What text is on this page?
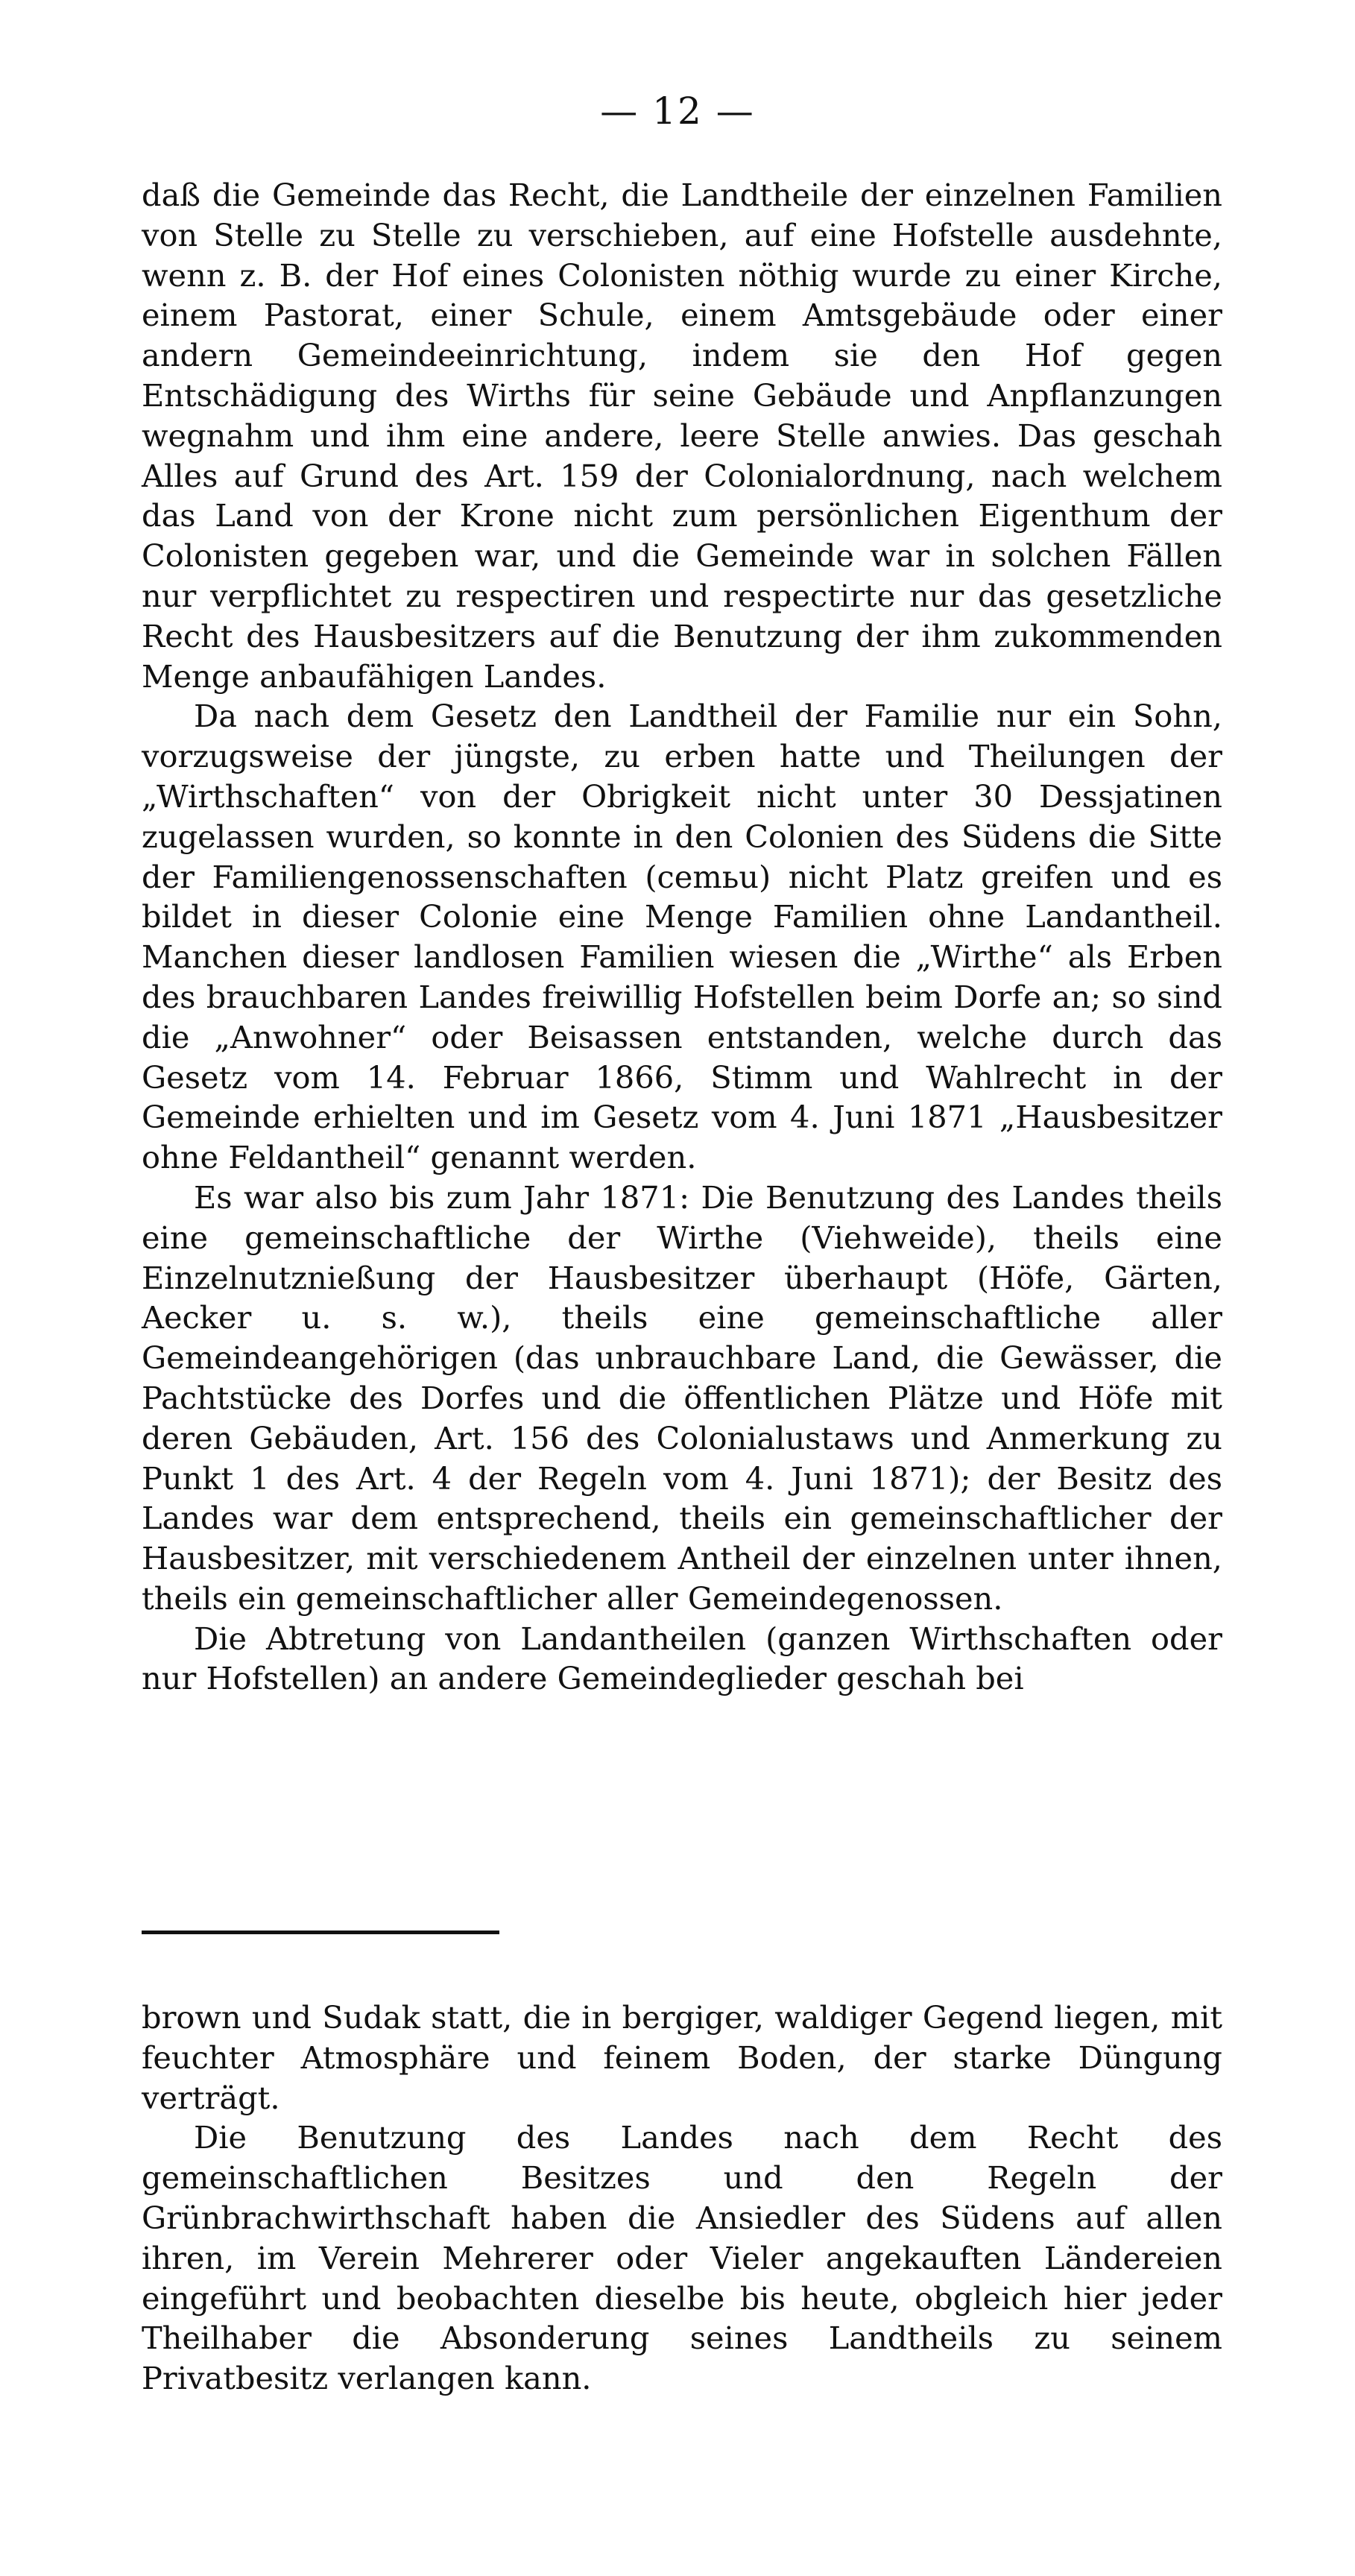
— 12 —

daß die Gemeinde das Recht, die Landtheile der einzelnen Familien von Stelle zu Stelle zu verschieben, auf eine Hofstelle ausdehnte, wenn z. B. der Hof eines Colonisten nöthig wurde zu einer Kirche, einem Pastorat, einer Schule, einem Amtsgebäude oder einer andern Gemeindeeinrichtung, indem sie den Hof gegen Entschädigung des Wirths für seine Gebäude und Anpflanzungen wegnahm und ihm eine andere, leere Stelle anwies. Das geschah Alles auf Grund des Art. 159 der Colonialordnung, nach welchem das Land von der Krone nicht zum persönlichen Eigenthum der Colonisten gegeben war, und die Gemeinde war in solchen Fällen nur verpflichtet zu respectiren und respectirte nur das gesetzliche Recht des Hausbesitzers auf die Benutzung der ihm zukommenden Menge anbaufähigen Landes.

Da nach dem Gesetz den Landtheil der Familie nur ein Sohn, vorzugsweise der jüngste, zu erben hatte und Theilungen der „Wirthschaften“ von der Obrigkeit nicht unter 30 Dessjatinen zugelassen wurden, so konnte in den Colonien des Südens die Sitte der Familiengenossenschaften (cemьu) nicht Platz greifen und es bildet in dieser Colonie eine Menge Familien ohne Landantheil. Manchen dieser landlosen Familien wiesen die „Wirthe“ als Erben des brauchbaren Landes freiwillig Hofstellen beim Dorfe an; so sind die „Anwohner“ oder Beisassen entstanden, welche durch das Gesetz vom 14. Februar 1866, Stimm und Wahlrecht in der Gemeinde erhielten und im Gesetz vom 4. Juni 1871 „Hausbesitzer ohne Feldantheil“ genannt werden.

Es war also bis zum Jahr 1871: Die Benutzung des Landes theils eine gemeinschaftliche der Wirthe (Viehweide), theils eine Einzelnutznießung der Hausbesitzer überhaupt (Höfe, Gärten, Aecker u. s. w.), theils eine gemeinschaftliche aller Gemeindeangehörigen (das unbrauchbare Land, die Gewässer, die Pachtstücke des Dorfes und die öffentlichen Plätze und Höfe mit deren Gebäuden, Art. 156 des Colonialustaws und Anmerkung zu Punkt 1 des Art. 4 der Regeln vom 4. Juni 1871); der Besitz des Landes war dem entsprechend, theils ein gemeinschaftlicher der Hausbesitzer, mit verschiedenem Antheil der einzelnen unter ihnen, theils ein gemeinschaftlicher aller Gemeindegenossen.

Die Abtretung von Landantheilen (ganzen Wirthschaften oder nur Hofstellen) an andere Gemeindeglieder geschah bei

brown und Sudak statt, die in bergiger, waldiger Gegend liegen, mit feuchter Atmosphäre und feinem Boden, der starke Düngung verträgt.

Die Benutzung des Landes nach dem Recht des gemeinschaftlichen Besitzes und den Regeln der Grünbrachwirthschaft haben die Ansiedler des Südens auf allen ihren, im Verein Mehrerer oder Vieler angekauften Ländereien eingeführt und beobachten dieselbe bis heute, obgleich hier jeder Theilhaber die Absonderung seines Landtheils zu seinem Privatbesitz verlangen kann.
